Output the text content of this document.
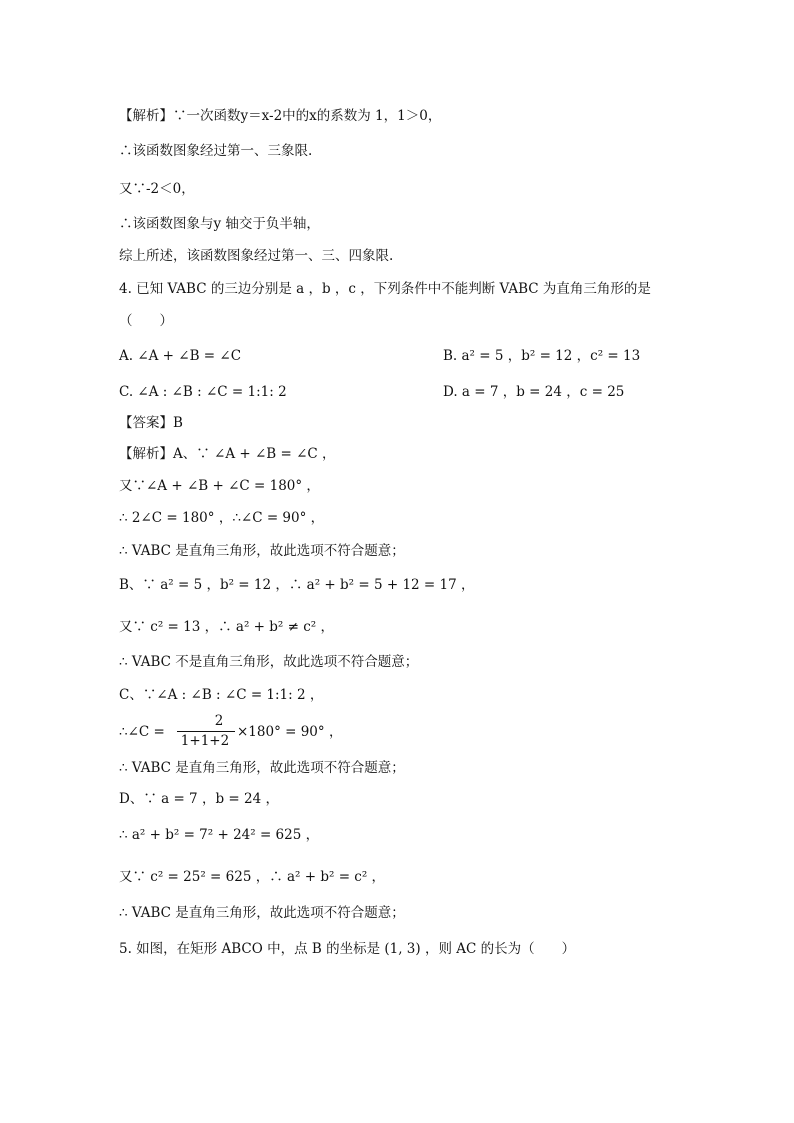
【解析】∵一次函数y＝x-2中的x的系数为 1，1＞0，
∴该函数图象经过第一、三象限.
又∵-2＜0，
∴该函数图象与y 轴交于负半轴，
综上所述，该函数图象经过第一、三、四象限.
4. 已知 VABC 的三边分别是 a ，b ，c ，下列条件中不能判断 VABC 为直角三角形的是
（　　）
A. ∠A + ∠B = ∠C	B. a² = 5 ，b² = 12 ，c² = 13
C. ∠A : ∠B : ∠C = 1:1: 2	D. a = 7 ，b = 24 ，c = 25
【答案】B
【解析】A、∵ ∠A + ∠B = ∠C ，
又∵∠A + ∠B + ∠C = 180° ，
∴ 2∠C = 180° ，∴∠C = 90° ，
∴ VABC 是直角三角形，故此选项不符合题意；
B、∵ a² = 5 ，b² = 12 ，∴ a² + b² = 5 + 12 = 17 ，
又∵ c² = 13 ，∴ a² + b² ≠ c² ，
∴ VABC 不是直角三角形，故此选项不符合题意；
C、∵∠A : ∠B : ∠C = 1:1: 2 ，
∴∠C =
2
1+1+2
×180° = 90° ，
∴ VABC 是直角三角形，故此选项不符合题意；
D、∵ a = 7 ，b = 24 ，
∴ a² + b² = 7² + 24² = 625 ，
又∵ c² = 25² = 625 ，∴ a² + b² = c² ，
∴ VABC 是直角三角形，故此选项不符合题意；
5. 如图，在矩形 ABCO 中，点 B 的坐标是 (1, 3) ，则 AC 的长为（　　）
